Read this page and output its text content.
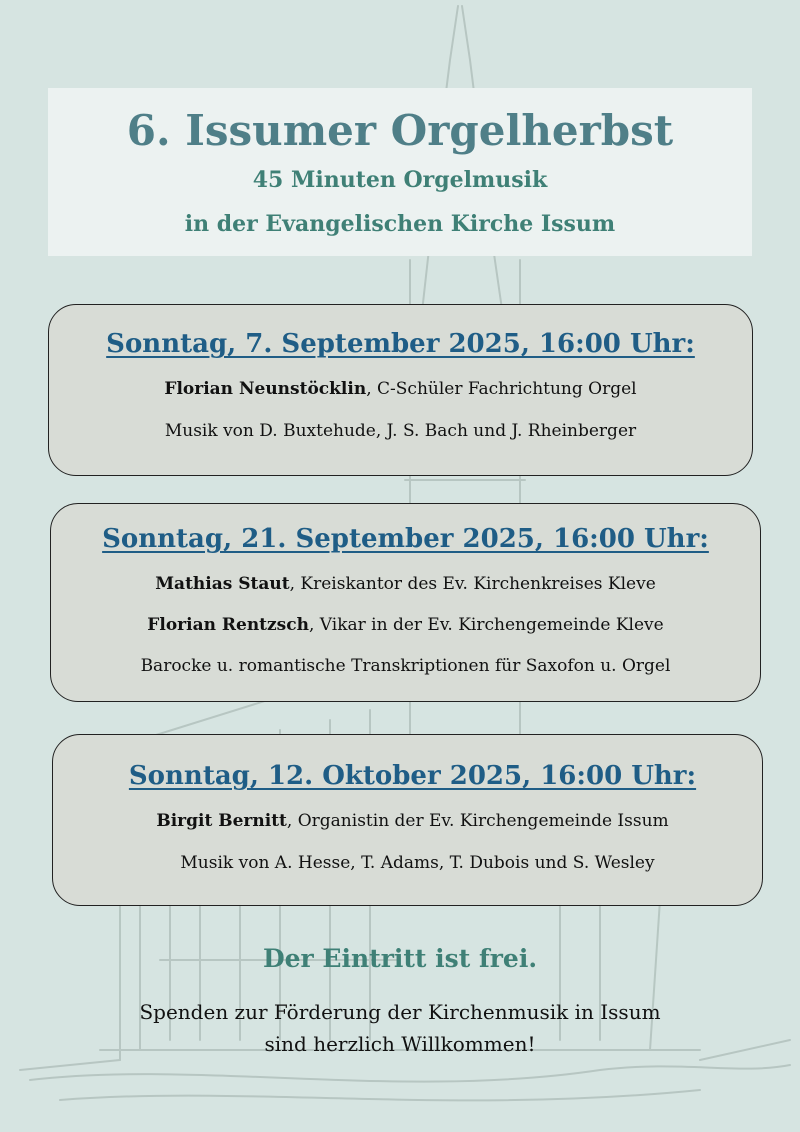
6. Issumer Orgelherbst
45 Minuten Orgelmusik
in der Evangelischen Kirche Issum
Sonntag, 7. September 2025, 16:00 Uhr:
Florian Neunstöcklin, C-Schüler Fachrichtung Orgel
Musik von D. Buxtehude, J. S. Bach und J. Rheinberger
Sonntag, 21. September 2025, 16:00 Uhr:
Mathias Staut, Kreiskantor des Ev. Kirchenkreises Kleve
Florian Rentzsch, Vikar in der Ev. Kirchengemeinde Kleve
Barocke u. romantische Transkriptionen für Saxofon u. Orgel
Sonntag, 12. Oktober 2025, 16:00 Uhr:
Birgit Bernitt, Organistin der Ev. Kirchengemeinde Issum
Musik von A. Hesse, T. Adams, T. Dubois und S. Wesley
Der Eintritt ist frei.
Spenden zur Förderung der Kirchenmusik in Issum
sind herzlich Willkommen!
